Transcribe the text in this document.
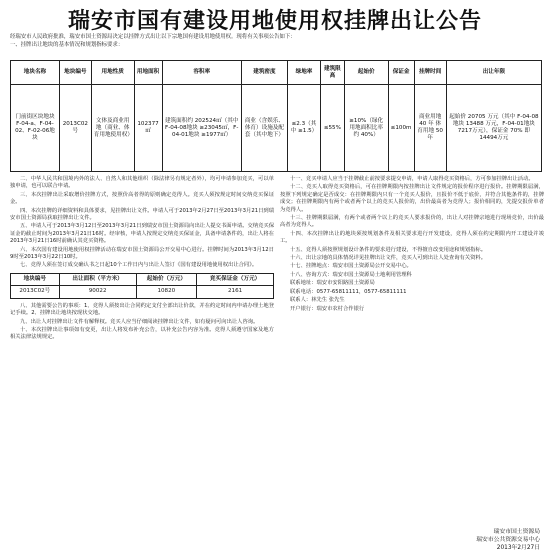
瑞安市国有建设用地使用权挂牌出让公告
经瑞安市人民政府批准，瑞安市国土资源局决定以挂牌方式出让以下宗地国有建设用地使用权。现将有关事项公告如下：
一、挂牌出让地块的基本情况和规划指标要求：
地块名称	地块编号	用地性质	用地面积	容积率	建筑密度	绿地率	建筑限高	起始价	保证金	挂牌时间	出让年限
门前街区块地块 F-04-a、F-04-02、F-02-06地块	2013C02号	文体及商业用地（商业、体育用地使用权）	102377㎡	建筑面积约 202524㎡（其中 F-04-08地块 ≥23045㎡，F-04-01地块 ≥1977㎡）	商业（含娱乐、体育）设施及配套（其中地下）	≤2.3（其中 ≥1.5）	≤55%	≥10%（绿化用地面积比率约 40%）	≤100m	商业用地 40 年 体育用地 50 年	起始价 20705 万元（其中 F-04-08地块 13488 万元，F-04-01地块 7217万元），保证金 70% 即 14494万元

二、中华人民共和国境内外的法人、自然人和其他组织（除法律另有规定者外），均可申请参加竞买，可以单独申请，也可以联合申请。

三、本次挂牌出让采取增价挂牌方式，按照价高者得的原则确定竞得人。竞买人须按规定时间交纳竞买保证金。

四、本次挂牌的详细资料和具体要求，见挂牌出让文件。申请人可于2013年2月27日至2013年3月21日到瑞安市国土资源局获取挂牌出让文件。

五、申请人可于2013年3月12日至2013年3月21日到瑞安市国土资源局向出让人提交书面申请。交纳竞买保证金的截止时间为2013年3月21日16时。经审核，申请人按规定交纳竞买保证金，具备申请条件的，出让人将在2013年3月21日16时前确认其竞买资格。

六、本次国有建设用地使用权挂牌活动在瑞安市国土资源局公开交易中心进行。挂牌时间为2013年3月12日9时至2013年3月22日10时。

七、竞得人须在签订成交确认书之日起10个工作日内与出让人签订《国有建设用地使用权出让合同》。

地块编号	出让面积（平方米）	起始价（万元）	竞买保证金（万元）
2013C02号	90022	10820	2161

八、其他需要公告的事项：1、竞得人须按出让合同约定支付全部出让价款，并在约定时间内申请办理土地登记手续。2、挂牌出让地块按现状交地。

九、出让人对挂牌出让文件有解释权。竞买人应当仔细阅读挂牌出让文件，如有疑问可向出让人咨询。

十、本次挂牌出让事项如有变更，出让人将发布补充公告，以补充公告内容为准。竞得人须遵守国家及地方相关法律法规规定。

十一、竞买申请人应当于挂牌截止前按要求提交申请，申请人取得竞买资格后，方可参加挂牌出让活动。

十二、竞买人取得竞买资格后，可在挂牌期限内按挂牌出让文件规定的报价程序进行报价。挂牌期限届满，按照下列规定确定是否成交：在挂牌期限内只有一个竞买人报价，且报价不低于底价，并符合其他条件的，挂牌成交；在挂牌期限内有两个或者两个以上的竞买人报价的，出价最高者为竞得人；报价相同的，先提交报价单者为竞得人。

十三、挂牌期限届满，有两个或者两个以上的竞买人要求报价的，出让人对挂牌宗地进行现场竞价，出价最高者为竞得人。

十四、本次挂牌出让的地块须按规划条件及相关要求进行开发建设，竞得人须在约定期限内开工建设并竣工。

十五、竞得人须按照规划设计条件的要求进行建设，不得擅自改变用途和规划指标。

十六、出让宗地的具体情况详见挂牌出让文件，竞买人可到出让人处查询有关资料。

十七、挂牌地点：瑞安市国土资源局公开交易中心。

十八、咨询方式：瑞安市国土资源局土地利用管理科

联系地址：瑞安市安阳路国土资源局

联系电话：0577-65811111，0577-65811111

联系人：林先生 张先生

开户银行：瑞安市农村合作银行

瑞安市国土资源局
瑞安市公共资源交易中心
2013年2月27日
